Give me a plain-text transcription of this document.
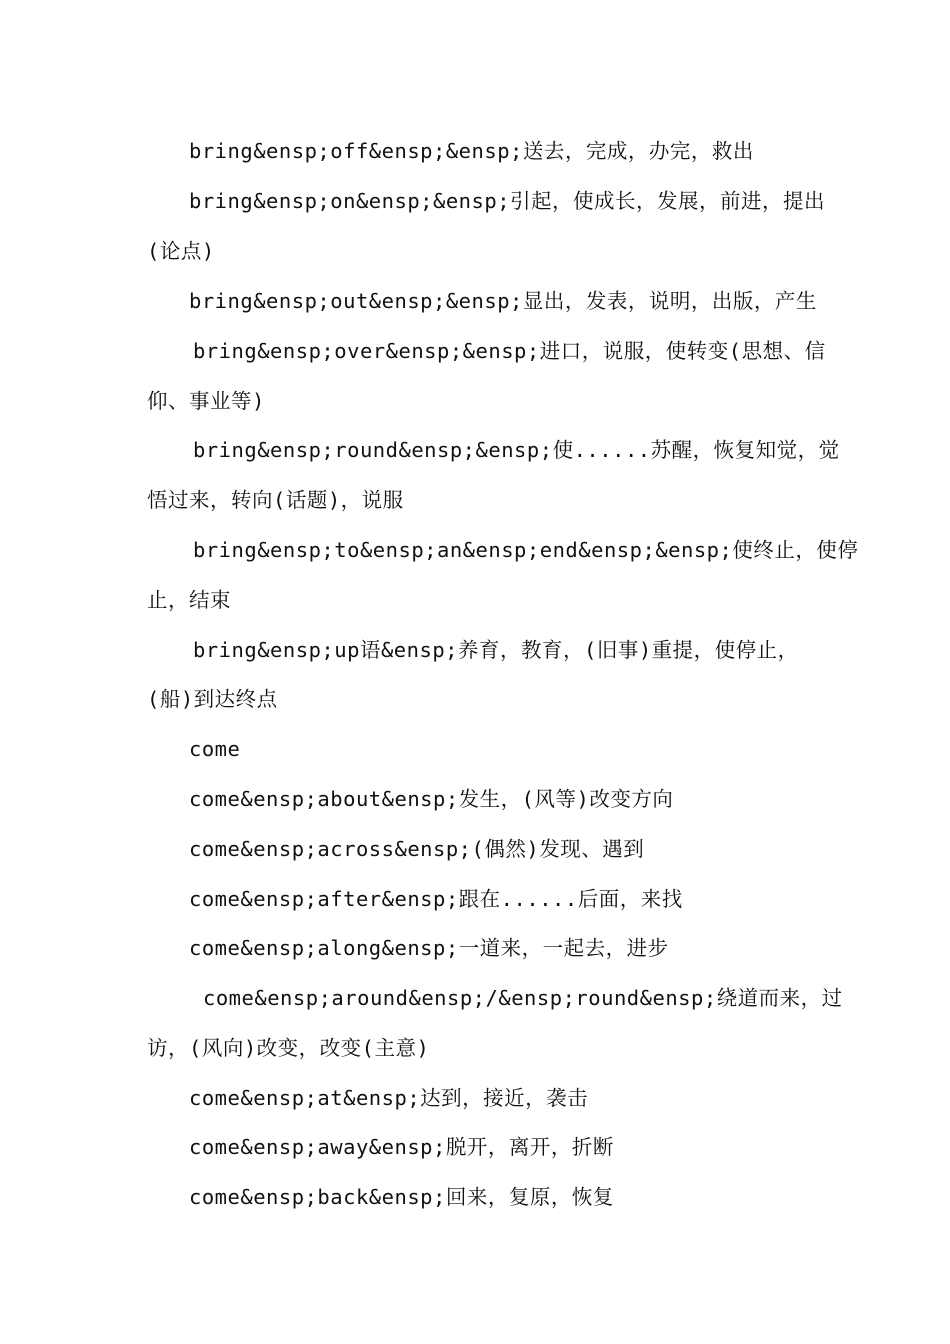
bring&ensp;off&ensp;&ensp;送去，完成，办完，救出
bring&ensp;on&ensp;&ensp;引起，使成长，发展，前进，提出
(论点)
bring&ensp;out&ensp;&ensp;显出，发表，说明，出版，产生
bring&ensp;over&ensp;&ensp;进口，说服，使转变(思想、信
仰、事业等)
bring&ensp;round&ensp;&ensp;使......苏醒，恢复知觉，觉
悟过来，转向(话题)，说服
bring&ensp;to&ensp;an&ensp;end&ensp;&ensp;使终止，使停
止，结束
bring&ensp;up语&ensp;养育，教育，(旧事)重提，使停止，
(船)到达终点
come
come&ensp;about&ensp;发生，(风等)改变方向
come&ensp;across&ensp;(偶然)发现、遇到
come&ensp;after&ensp;跟在......后面，来找
come&ensp;along&ensp;一道来，一起去，进步
come&ensp;around&ensp;/&ensp;round&ensp;绕道而来，过
访，(风向)改变，改变(主意)
come&ensp;at&ensp;达到，接近，袭击
come&ensp;away&ensp;脱开，离开，折断
come&ensp;back&ensp;回来，复原，恢复
